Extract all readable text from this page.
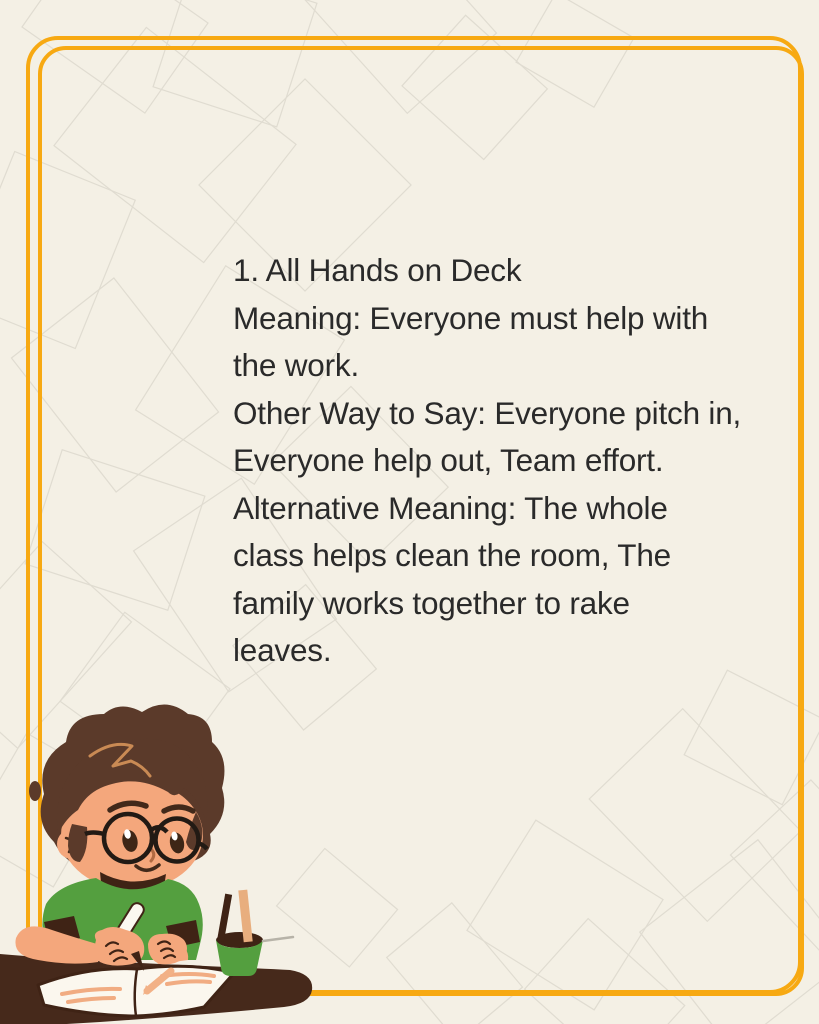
1. All Hands on Deck
Meaning: Everyone must help with
the work.
Other Way to Say: Everyone pitch in,
Everyone help out, Team effort.
Alternative Meaning: The whole
class helps clean the room, The
family works together to rake
leaves.
